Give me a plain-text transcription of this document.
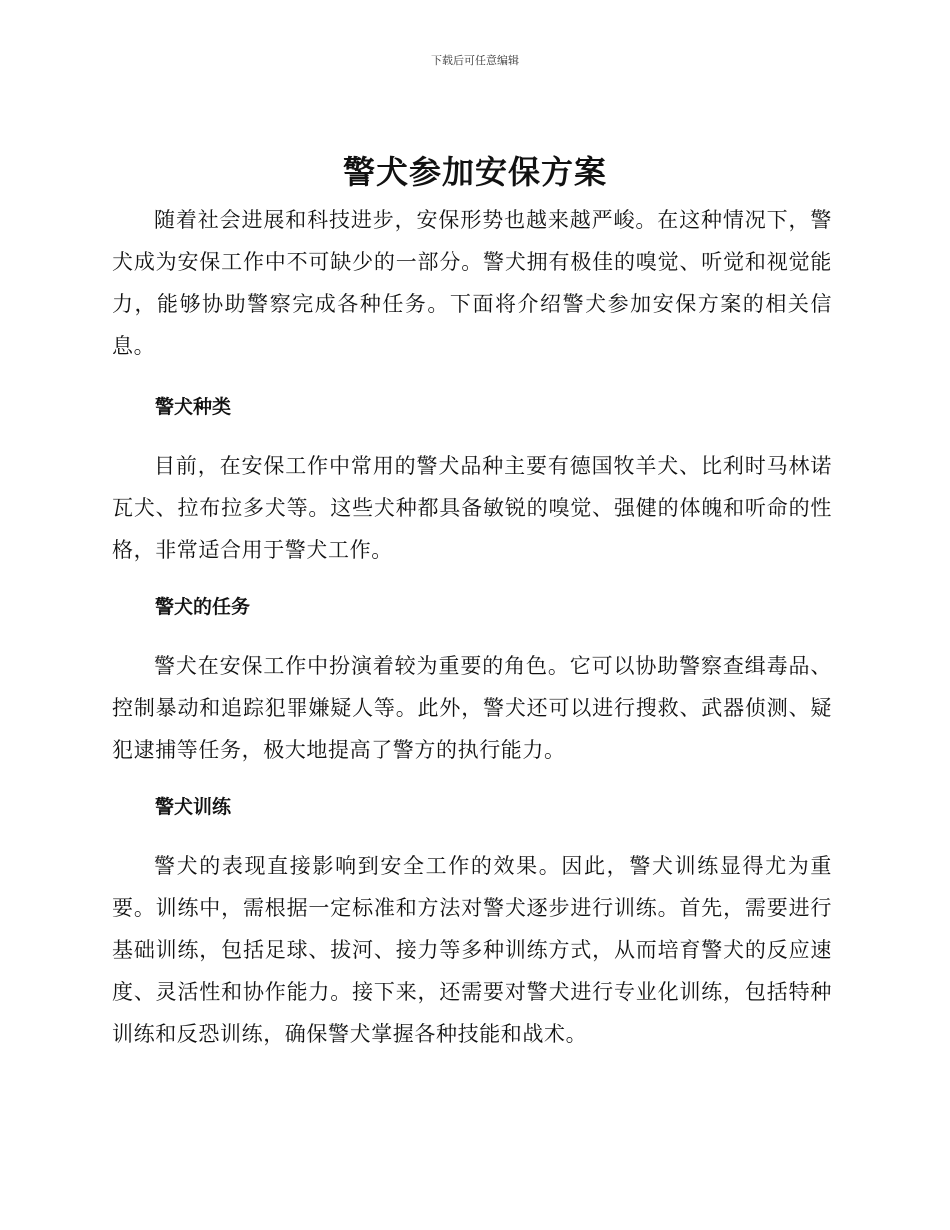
下载后可任意编辑
警犬参加安保方案

随着社会进展和科技进步，安保形势也越来越严峻。在这种情况下，警犬成为安保工作中不可缺少的一部分。警犬拥有极佳的嗅觉、听觉和视觉能力，能够协助警察完成各种任务。下面将介绍警犬参加安保方案的相关信息。

警犬种类

目前，在安保工作中常用的警犬品种主要有德国牧羊犬、比利时马林诺瓦犬、拉布拉多犬等。这些犬种都具备敏锐的嗅觉、强健的体魄和听命的性格，非常适合用于警犬工作。

警犬的任务

警犬在安保工作中扮演着较为重要的角色。它可以协助警察查缉毒品、控制暴动和追踪犯罪嫌疑人等。此外，警犬还可以进行搜救、武器侦测、疑犯逮捕等任务，极大地提高了警方的执行能力。

警犬训练

警犬的表现直接影响到安全工作的效果。因此，警犬训练显得尤为重要。训练中，需根据一定标准和方法对警犬逐步进行训练。首先，需要进行基础训练，包括足球、拔河、接力等多种训练方式，从而培育警犬的反应速度、灵活性和协作能力。接下来，还需要对警犬进行专业化训练，包括特种训练和反恐训练，确保警犬掌握各种技能和战术。
